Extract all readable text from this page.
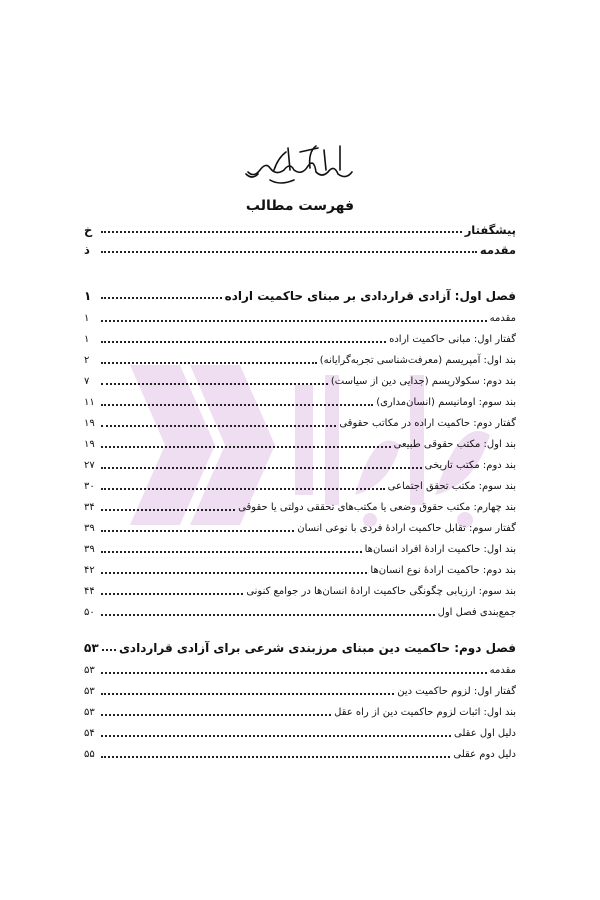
فهرست مطالب
پیشگفتار
خ
مقدمه
ذ
فصل اول: آزادی قراردادی بر مبنای حاکمیت اراده
۱
مقدمه
۱
گفتار اول: مبانی حاکمیت اراده
۱
بند اول: آمپریسم (معرفت‌شناسی تجربه‌گرایانه)
۲
بند دوم: سکولاریسم (جدایی دین از سیاست)
۷
بند سوم: اومانیسم (انسان‌مداری)
۱۱
گفتار دوم: حاکمیت اراده در مکاتب حقوقی
۱۹
بند اول: مکتب حقوقی طبیعی
۱۹
بند دوم: مکتب تاریخی
۲۷
بند سوم: مکتب تحقق اجتماعی
۳۰
بند چهارم: مکتب حقوق وضعی یا مکتب‌های تحققی دولتی یا حقوقی
۳۴
گفتار سوم: تقابل حاکمیت ارادهٔ فردی با نوعی انسان
۳۹
بند اول: حاکمیت ارادهٔ افراد انسان‌ها
۳۹
بند دوم: حاکمیت ارادهٔ نوع انسان‌ها
۴۲
بند سوم: ارزیابی چگونگی حاکمیت ارادهٔ انسان‌ها در جوامع کنونی
۴۴
جمع‌بندی فصل اول
۵۰
فصل دوم: حاکمیت دین مبنای مرزبندی شرعی برای آزادی قراردادی
۵۳
مقدمه
۵۳
گفتار اول: لزوم حاکمیت دین
۵۳
بند اول: اثبات لزوم حاکمیت دین از راه عقل
۵۳
دلیل اول عقلی
۵۴
دلیل دوم عقلی
۵۵
